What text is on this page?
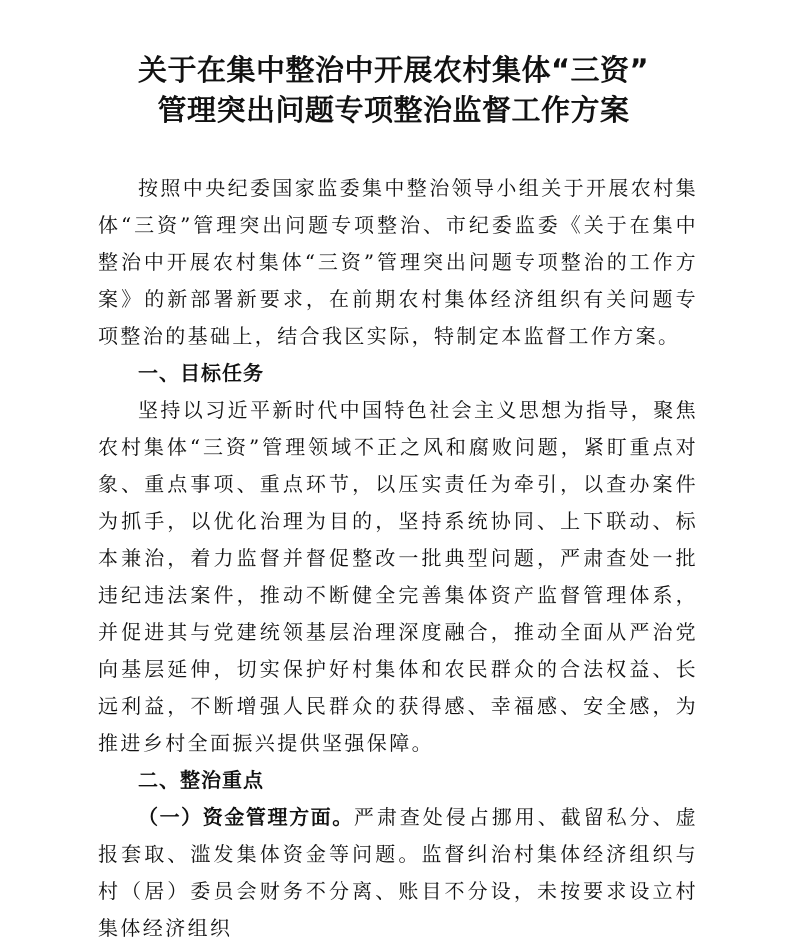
关于在集中整治中开展农村集体“三资”
管理突出问题专项整治监督工作方案

按照中央纪委国家监委集中整治领导小组关于开展农村集体“三资”管理突出问题专项整治、市纪委监委《关于在集中整治中开展农村集体“三资”管理突出问题专项整治的工作方案》的新部署新要求，在前期农村集体经济组织有关问题专项整治的基础上，结合我区实际，特制定本监督工作方案。

一、目标任务

坚持以习近平新时代中国特色社会主义思想为指导，聚焦农村集体“三资”管理领域不正之风和腐败问题，紧盯重点对象、重点事项、重点环节，以压实责任为牵引，以查办案件为抓手，以优化治理为目的，坚持系统协同、上下联动、标本兼治，着力监督并督促整改一批典型问题，严肃查处一批违纪违法案件，推动不断健全完善集体资产监督管理体系，并促进其与党建统领基层治理深度融合，推动全面从严治党向基层延伸，切实保护好村集体和农民群众的合法权益、长远利益，不断增强人民群众的获得感、幸福感、安全感，为推进乡村全面振兴提供坚强保障。

二、整治重点

（一）资金管理方面。严肃查处侵占挪用、截留私分、虚报套取、滥发集体资金等问题。监督纠治村集体经济组织与村（居）委员会财务不分离、账目不分设，未按要求设立村集体经济组织
